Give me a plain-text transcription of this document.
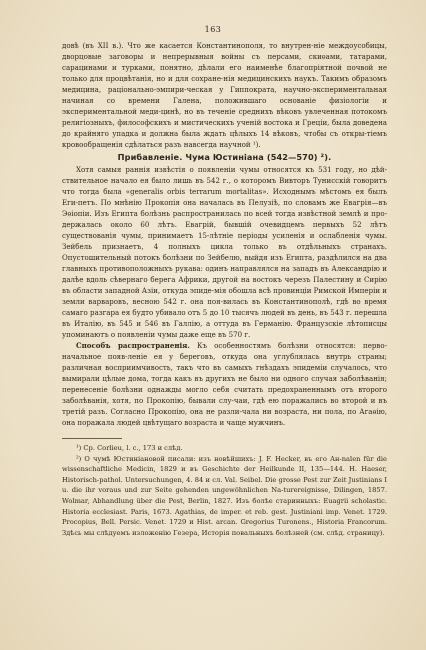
163

довѣ (въ XII в.). Что же касается Константинополя, то внутрен-ніе междоусобицы, дворцовые заговоры и непрерывныя войны съ персами, скиѳами, татарами, сарацинами и турками, понятно, дѣлали его наименѣе благопріятной почвой не только для процвѣтанія, но и для сохране-нія медицинскихъ наукъ. Такимъ образомъ медицина, раціонально-эмпири-ческая у Гиппократа, научно-экспериментальная начиная со времени Галена, положившаго основаніе физіологіи и экспериментальной меди-цинѣ, но въ теченіе среднихъ вѣковъ увлеченная потокомъ религіозныхъ, философскихъ и мистическихъ ученій востока и Греціи, была доведена до крайняго упадка и должна была ждать цѣлыхъ 14 вѣковъ, чтобы съ откры-тіемъ кровообращенія сдѣлаться разъ навсегда научной ¹).

Прибавленіе. Чума Юстиніана (542—570) ²).

Хотя самыя раннія извѣстія о появленіи чумы относятся къ 531 году, но дѣй-ствительное начало ея было лишь въ 542 г., о которомъ Вивторъ Тунисскій говоритъ что тогда была «generalis orbis terrarum mortalitas». Исходнымъ мѣстомъ ея былъ Еги-петъ. По мнѣнію Прокопія она началась въ Пелузіѣ, по словамъ же Евагрія—въ Эѳіопіи. Изъ Египта болѣзнь распространилась по всей тогда извѣстной землѣ и про-держалась около 60 лѣтъ. Евагрій, бывшій очевидцемъ первыхъ 52 лѣтъ существованія чумы, принимаетъ 15-лѣтніе періоды усиленія и ослабленія чумы. Зейбель признаетъ, 4 полныхъ цикла только въ отдѣльныхъ странахъ. Опустошительный потокъ болѣзни по Зейбелю, выйдя изъ Египта, раздѣлился на два главныхъ противоположныхъ рукава: одинъ направлялся на западъ въ Александрію и далѣе вдоль сѣвернаго берега Африки, другой на востокъ черезъ Палестину и Сирію въ области западной Азіи, откуда эпиде-мія обошла всѣ провинціи Римской Имперіи и земли варваровъ, весною 542 г. она поя-вилась въ Константинополѣ, гдѣ во время самаго разгара ея будто убивало отъ 5 до 10 тысячъ людей въ день, въ 543 г. перешла въ Италію, въ 545 и 546 въ Галлію, а оттуда въ Германію. Французскіе лѣтописцы упоминаютъ о появленіи чумы даже еще въ 570 г.

Способъ распространенія. Къ особенностямъ болѣзни относятся: перво-начальное появ-леніе ея у береговъ, откуда она углублялась внутрь страны; различная восприимчивость, такъ что въ самыхъ гнѣздахъ эпидеміи случалось, что вымирали цѣлые дома, тогда какъ въ другихъ не было ни одного случая заболѣванія; перенесеніе болѣзни однажды могло себя считать предохраненнымъ отъ второго заболѣванія, хотя, по Прокопію, бывали слу-чаи, гдѣ ею поражались во второй и въ третій разъ. Согласно Прокопію, она не разли-чала ни возраста, ни пола, по Агаѳію, она поражала людей цвѣтущаго возраста и чаще мужчинъ.

¹) Ср. Corlieu, l. c., 173 и слѣд.

²) О чумѣ Юстиніановой писали: изъ новѣйшихъ: J. F. Hecker, въ его Ан-nalen für die wissenschaftliche Medicin, 1829 и въ Geschichte der Heilkunde II, 135—144. H. Haeser, Historisch-pathol. Untersuchungen, 4. 84 и сл. Val. Seibel. Die grosse Pest zur Zeit Justinians I u. die ihr voraus und zur Seite gehenden ungewöhnlichen Na-turereignisse, Dilingen, 1857. Wolmar, Abhandlung über die Pest, Berlin, 1827. Изъ болѣе старинныхъ: Euagrii scholastic. Historia ecclesiast. Paris, 1673. Agathias, de imper. et reb. gest. Justiniani imp. Venet. 1729. Procopius, Bell. Persic. Venet. 1729 и Hist. arcan. Gregorius Turonens., Historia Francorum. Здѣсь мы слѣдуемъ изложенію Гезера, Исторія повальныхъ болѣзней (см. слѣд. страницу).
